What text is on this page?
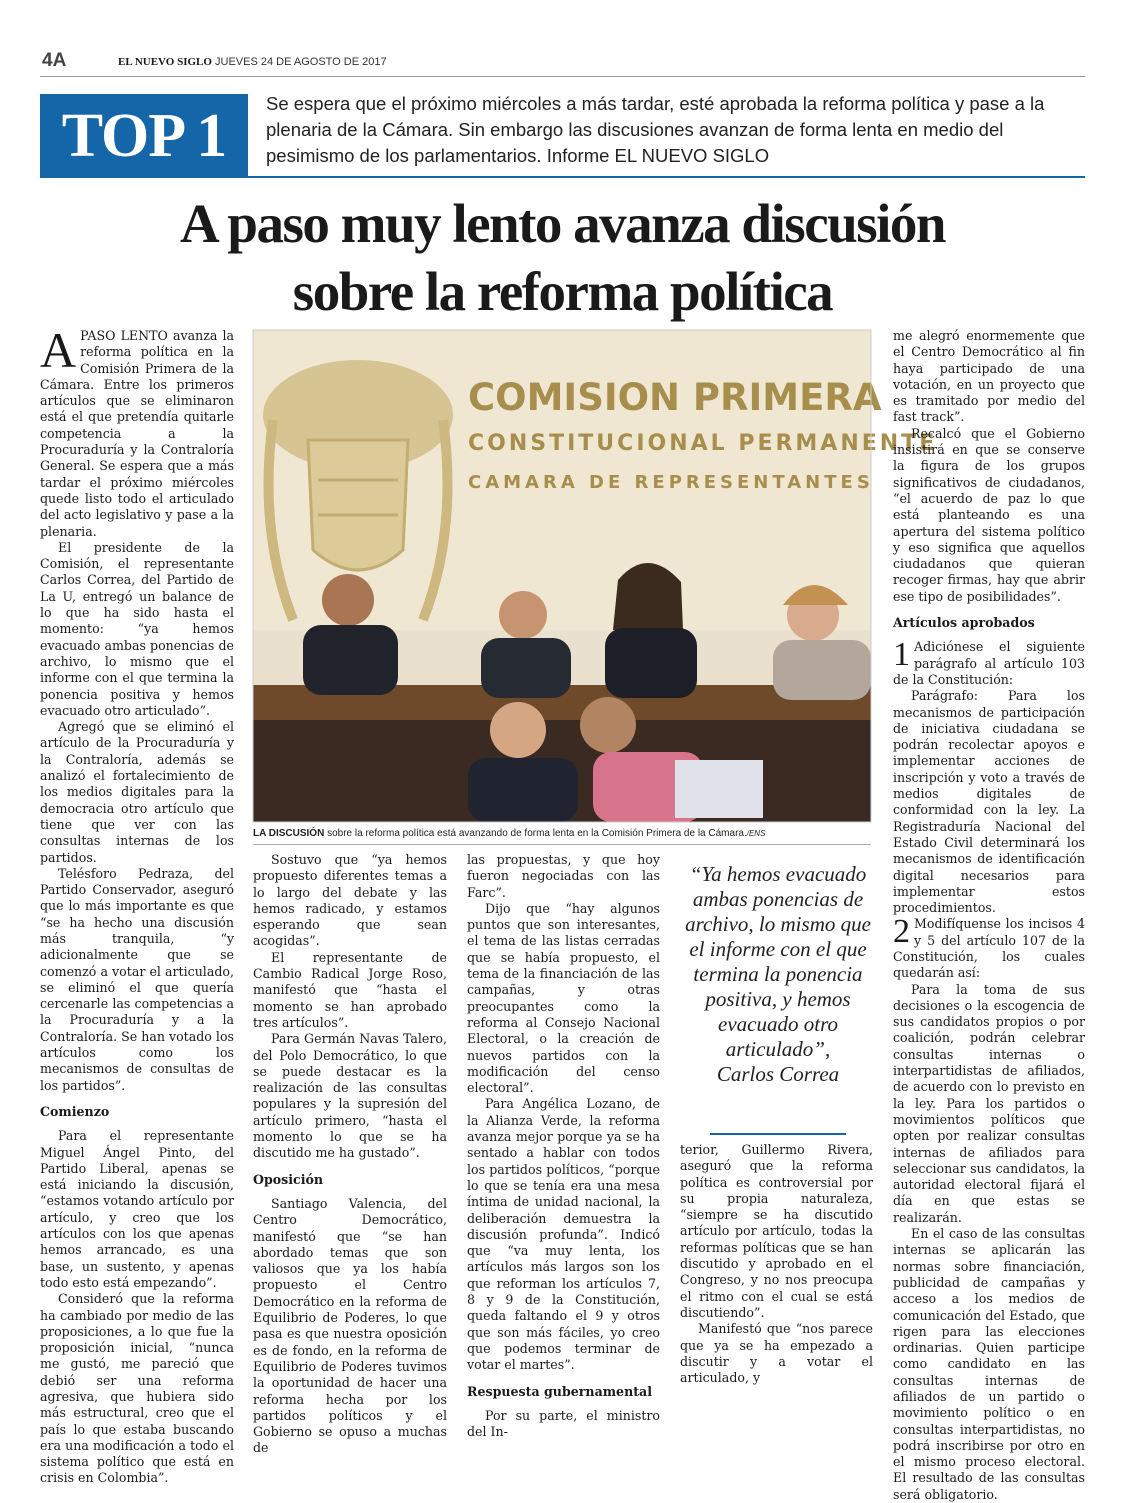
4A	EL NUEVO SIGLO JUEVES 24 DE AGOSTO DE 2017
TOP 1	Se espera que el próximo miércoles a más tardar, esté aprobada la reforma política y pase a la plenaria de la Cámara. Sin embargo las discusiones avanzan de forma lenta en medio del pesimismo de los parlamentarios. Informe EL NUEVO SIGLO
A paso muy lento avanza discusión
sobre la reforma política

APASO LENTO avanza la reforma política en la Comisión Primera de la Cámara. Entre los primeros artículos que se eliminaron está el que pretendía quitarle competencia a la Procuraduría y la Contraloría General. Se espera que a más tardar el próximo miércoles quede listo todo el articulado del acto legislativo y pase a la plenaria.

El presidente de la Comisión, el representante Carlos Correa, del Partido de La U, entregó un balance de lo que ha sido hasta el momento: “ya hemos evacuado ambas ponencias de archivo, lo mismo que el informe con el que termina la ponencia positiva y hemos evacuado otro articulado”.

Agregó que se eliminó el artículo de la Procuraduría y la Contraloría, además se analizó el fortalecimiento de los medios digitales para la democracia otro artículo que tiene que ver con las consultas internas de los partidos.

Telésforo Pedraza, del Partido Conservador, aseguró que lo más importante es que “se ha hecho una discusión más tranquila, “y adicionalmente que se comenzó a votar el articulado, se eliminó el que quería cercenarle las competencias a la Procuraduría y a la Contraloría. Se han votado los artículos como los mecanismos de consultas de los partidos”.

Comienzo

Para el representante Miguel Ángel Pinto, del Partido Liberal, apenas se está iniciando la discusión, “estamos votando artículo por artículo, y creo que los artículos con los que apenas hemos arrancado, es una base, un sustento, y apenas todo esto está empezando”.

Consideró que la reforma ha cambiado por medio de las proposiciones, a lo que fue la proposición inicial, “nunca me gustó, me pareció que debió ser una reforma agresiva, que hubiera sido más estructural, creo que el país lo que estaba buscando era una modificación a todo el sistema político que está en crisis en Colombia”.

COMISION PRIMERA
CONSTITUCIONAL PERMANENTE
CAMARA DE REPRESENTANTES
LA DISCUSIÓN sobre la reforma política está avanzando de forma lenta en la Comisión Primera de la Cámara./ENS

Sostuvo que “ya hemos propuesto diferentes temas a lo largo del debate y las hemos radicado, y estamos esperando que sean acogidas”.

El representante de Cambio Radical Jorge Roso, manifestó que “hasta el momento se han aprobado tres artículos”.

Para Germán Navas Talero, del Polo Democrático, lo que se puede destacar es la realización de las consultas populares y la supresión del artículo primero, “hasta el momento lo que se ha discutido me ha gustado”.

Oposición

Santiago Valencia, del Centro Democrático, manifestó que “se han abordado temas que son valiosos que ya los había propuesto el Centro Democrático en la reforma de Equilibrio de Poderes, lo que pasa es que nuestra oposición es de fondo, en la reforma de Equilibrio de Poderes tuvimos la oportunidad de hacer una reforma hecha por los partidos políticos y el Gobierno se opuso a muchas de

las propuestas, y que hoy fueron negociadas con las Farc”.

Dijo que “hay algunos puntos que son interesantes, el tema de las listas cerradas que se había propuesto, el tema de la financiación de las campañas, y otras preocupantes como la reforma al Consejo Nacional Electoral, o la creación de nuevos partidos con la modificación del censo electoral”.

Para Angélica Lozano, de la Alianza Verde, la reforma avanza mejor porque ya se ha sentado a hablar con todos los partidos políticos, “porque lo que se tenía era una mesa íntima de unidad nacional, la deliberación demuestra la discusión profunda”. Indicó que “va muy lenta, los artículos más largos son los que reforman los artículos 7, 8 y 9 de la Constitución, queda faltando el 9 y otros que son más fáciles, yo creo que podemos terminar de votar el martes”.

Respuesta gubernamental

Por su parte, el ministro del In-

“Ya hemos evacuado ambas ponencias de archivo, lo mismo que el informe con el que termina la ponencia positiva, y hemos evacuado otro articulado”,
Carlos Correa

terior, Guillermo Rivera, aseguró que la reforma política es controversial por su propia naturaleza, “siempre se ha discutido artículo por artículo, todas la reformas políticas que se han discutido y aprobado en el Congreso, y no nos preocupa el ritmo con el cual se está discutiendo”.

Manifestó que “nos parece que ya se ha empezado a discutir y a votar el articulado, y

me alegró enormemente que el Centro Democrático al fin haya participado de una votación, en un proyecto que es tramitado por medio del fast track”.

Recalcó que el Gobierno insistirá en que se conserve la figura de los grupos significativos de ciudadanos, “el acuerdo de paz lo que está planteando es una apertura del sistema político y eso significa que aquellos ciudadanos que quieran recoger firmas, hay que abrir ese tipo de posibilidades”.

Artículos aprobados

1 Adiciónese el siguiente parágrafo al artículo 103 de la Constitución:

Parágrafo: Para los mecanismos de participación de iniciativa ciudadana se podrán recolectar apoyos e implementar acciones de inscripción y voto a través de medios digitales de conformidad con la ley. La Registraduría Nacional del Estado Civil determinará los mecanismos de identificación digital necesarios para implementar estos procedimientos.

2 Modifíquense los incisos 4 y 5 del artículo 107 de la Constitución, los cuales quedarán así:

Para la toma de sus decisiones o la escogencia de sus candidatos propios o por coalición, podrán celebrar consultas internas o interpartidistas de afiliados, de acuerdo con lo previsto en la ley. Para los partidos o movimientos políticos que opten por realizar consultas internas de afiliados para seleccionar sus candidatos, la autoridad electoral fijará el día en que estas se realizarán.

En el caso de las consultas internas se aplicarán las normas sobre financiación, publicidad de campañas y acceso a los medios de comunicación del Estado, que rigen para las elecciones ordinarias. Quien participe como candidato en las consultas internas de afiliados de un partido o movimiento político o en consultas interpartidistas, no podrá inscribirse por otro en el mismo proceso electoral. El resultado de las consultas será obligatorio.
